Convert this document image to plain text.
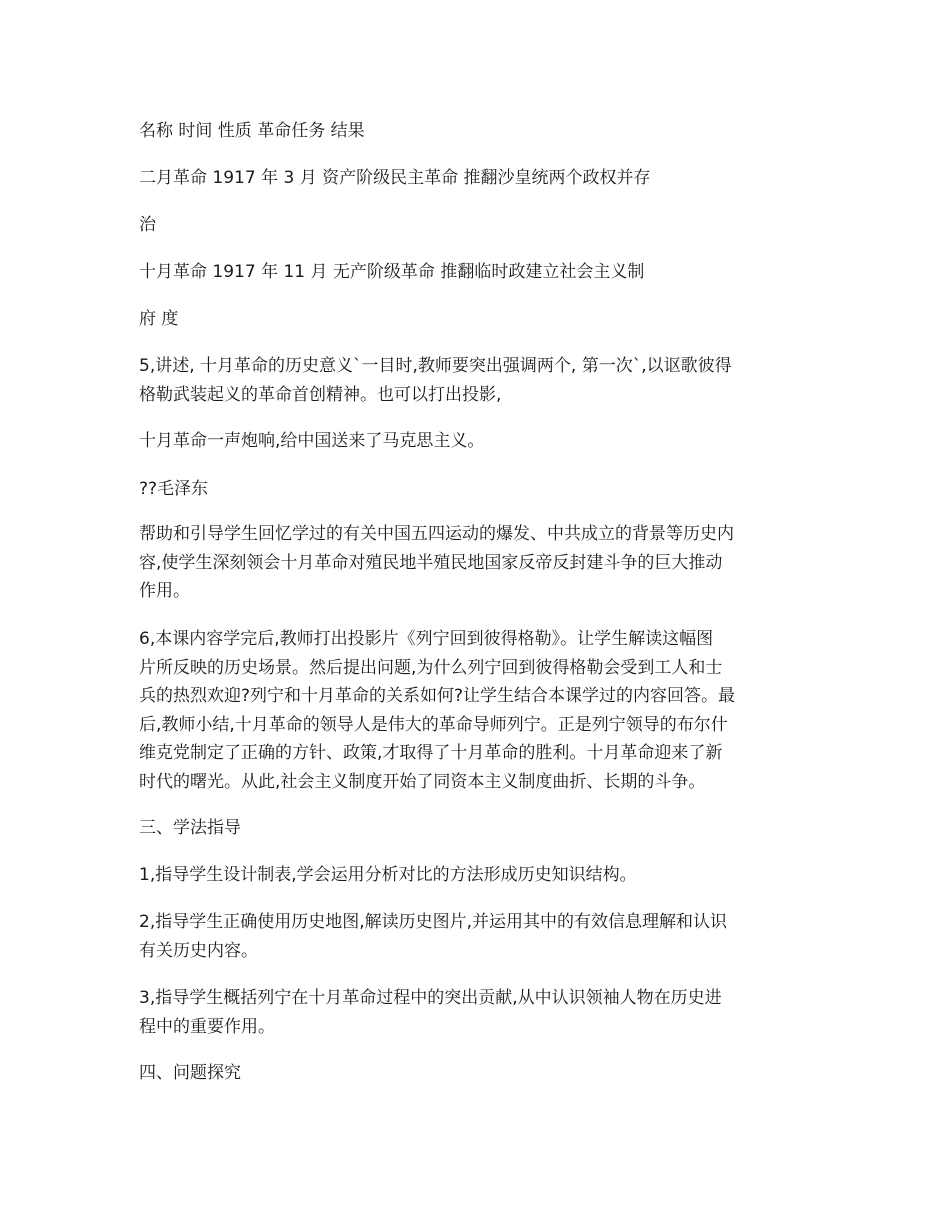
名称 时间 性质 革命任务 结果
二月革命 1917 年 3 月 资产阶级民主革命 推翻沙皇统两个政权并存
治
十月革命 1917 年 11 月 无产阶级革命 推翻临时政建立社会主义制
府 度
5,讲述, 十月革命的历史意义`一目时,教师要突出强调两个, 第一次`,以讴歌彼得
格勒武装起义的革命首创精神。也可以打出投影,
十月革命一声炮响,给中国送来了马克思主义。
??毛泽东
帮助和引导学生回忆学过的有关中国五四运动的爆发、中共成立的背景等历史内
容,使学生深刻领会十月革命对殖民地半殖民地国家反帝反封建斗争的巨大推动
作用。
6,本课内容学完后,教师打出投影片《列宁回到彼得格勒》。让学生解读这幅图
片所反映的历史场景。然后提出问题,为什么列宁回到彼得格勒会受到工人和士
兵的热烈欢迎?列宁和十月革命的关系如何?让学生结合本课学过的内容回答。最
后,教师小结,十月革命的领导人是伟大的革命导师列宁。正是列宁领导的布尔什
维克党制定了正确的方针、政策,才取得了十月革命的胜利。十月革命迎来了新
时代的曙光。从此,社会主义制度开始了同资本主义制度曲折、长期的斗争。
三、学法指导
1,指导学生设计制表,学会运用分析对比的方法形成历史知识结构。
2,指导学生正确使用历史地图,解读历史图片,并运用其中的有效信息理解和认识
有关历史内容。
3,指导学生概括列宁在十月革命过程中的突出贡献,从中认识领袖人物在历史进
程中的重要作用。
四、问题探究
